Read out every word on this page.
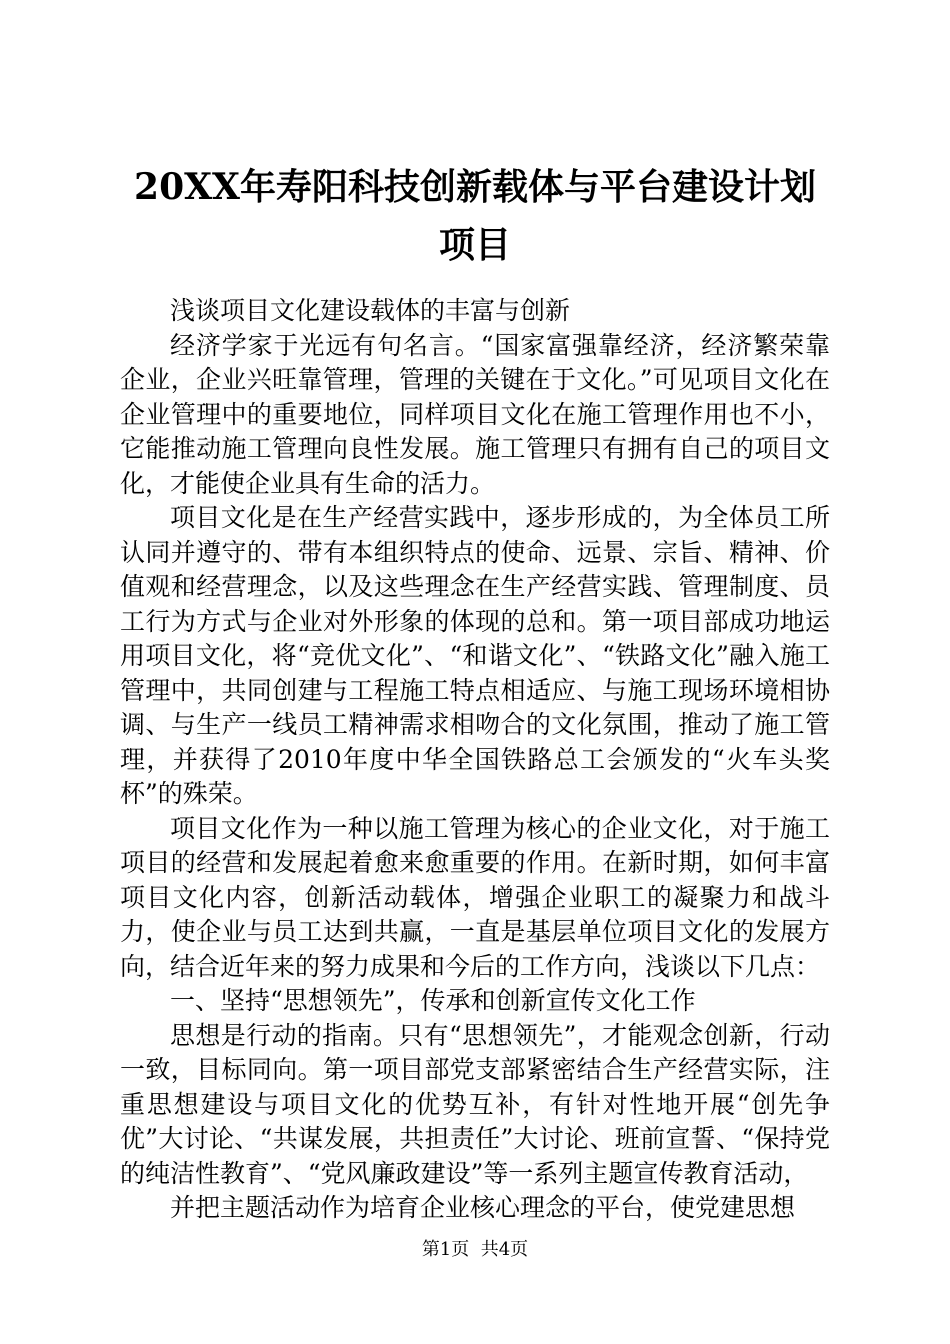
20XX年寿阳科技创新载体与平台建设计划项目

浅谈项目文化建设载体的丰富与创新

经济学家于光远有句名言。“国家富强靠经济，经济繁荣靠企业，企业兴旺靠管理，管理的关键在于文化。”可见项目文化在企业管理中的重要地位，同样项目文化在施工管理作用也不小，它能推动施工管理向良性发展。施工管理只有拥有自己的项目文化，才能使企业具有生命的活力。

项目文化是在生产经营实践中，逐步形成的，为全体员工所认同并遵守的、带有本组织特点的使命、远景、宗旨、精神、价值观和经营理念，以及这些理念在生产经营实践、管理制度、员工行为方式与企业对外形象的体现的总和。第一项目部成功地运用项目文化，将“竞优文化”、“和谐文化”、“铁路文化”融入施工管理中，共同创建与工程施工特点相适应、与施工现场环境相协调、与生产一线员工精神需求相吻合的文化氛围，推动了施工管理，并获得了2010年度中华全国铁路总工会颁发的“火车头奖杯”的殊荣。

项目文化作为一种以施工管理为核心的企业文化，对于施工项目的经营和发展起着愈来愈重要的作用。在新时期，如何丰富项目文化内容，创新活动载体，增强企业职工的凝聚力和战斗力，使企业与员工达到共赢，一直是基层单位项目文化的发展方向，结合近年来的努力成果和今后的工作方向，浅谈以下几点：

一、坚持“思想领先”，传承和创新宣传文化工作

思想是行动的指南。只有“思想领先”，才能观念创新，行动一致，目标同向。第一项目部党支部紧密结合生产经营实际，注重思想建设与项目文化的优势互补，有针对性地开展“创先争优”大讨论、“共谋发展，共担责任”大讨论、班前宣誓、“保持党的纯洁性教育”、“党风廉政建设”等一系列主题宣传教育活动，

并把主题活动作为培育企业核心理念的平台，使党建思想

第1页  共4页
